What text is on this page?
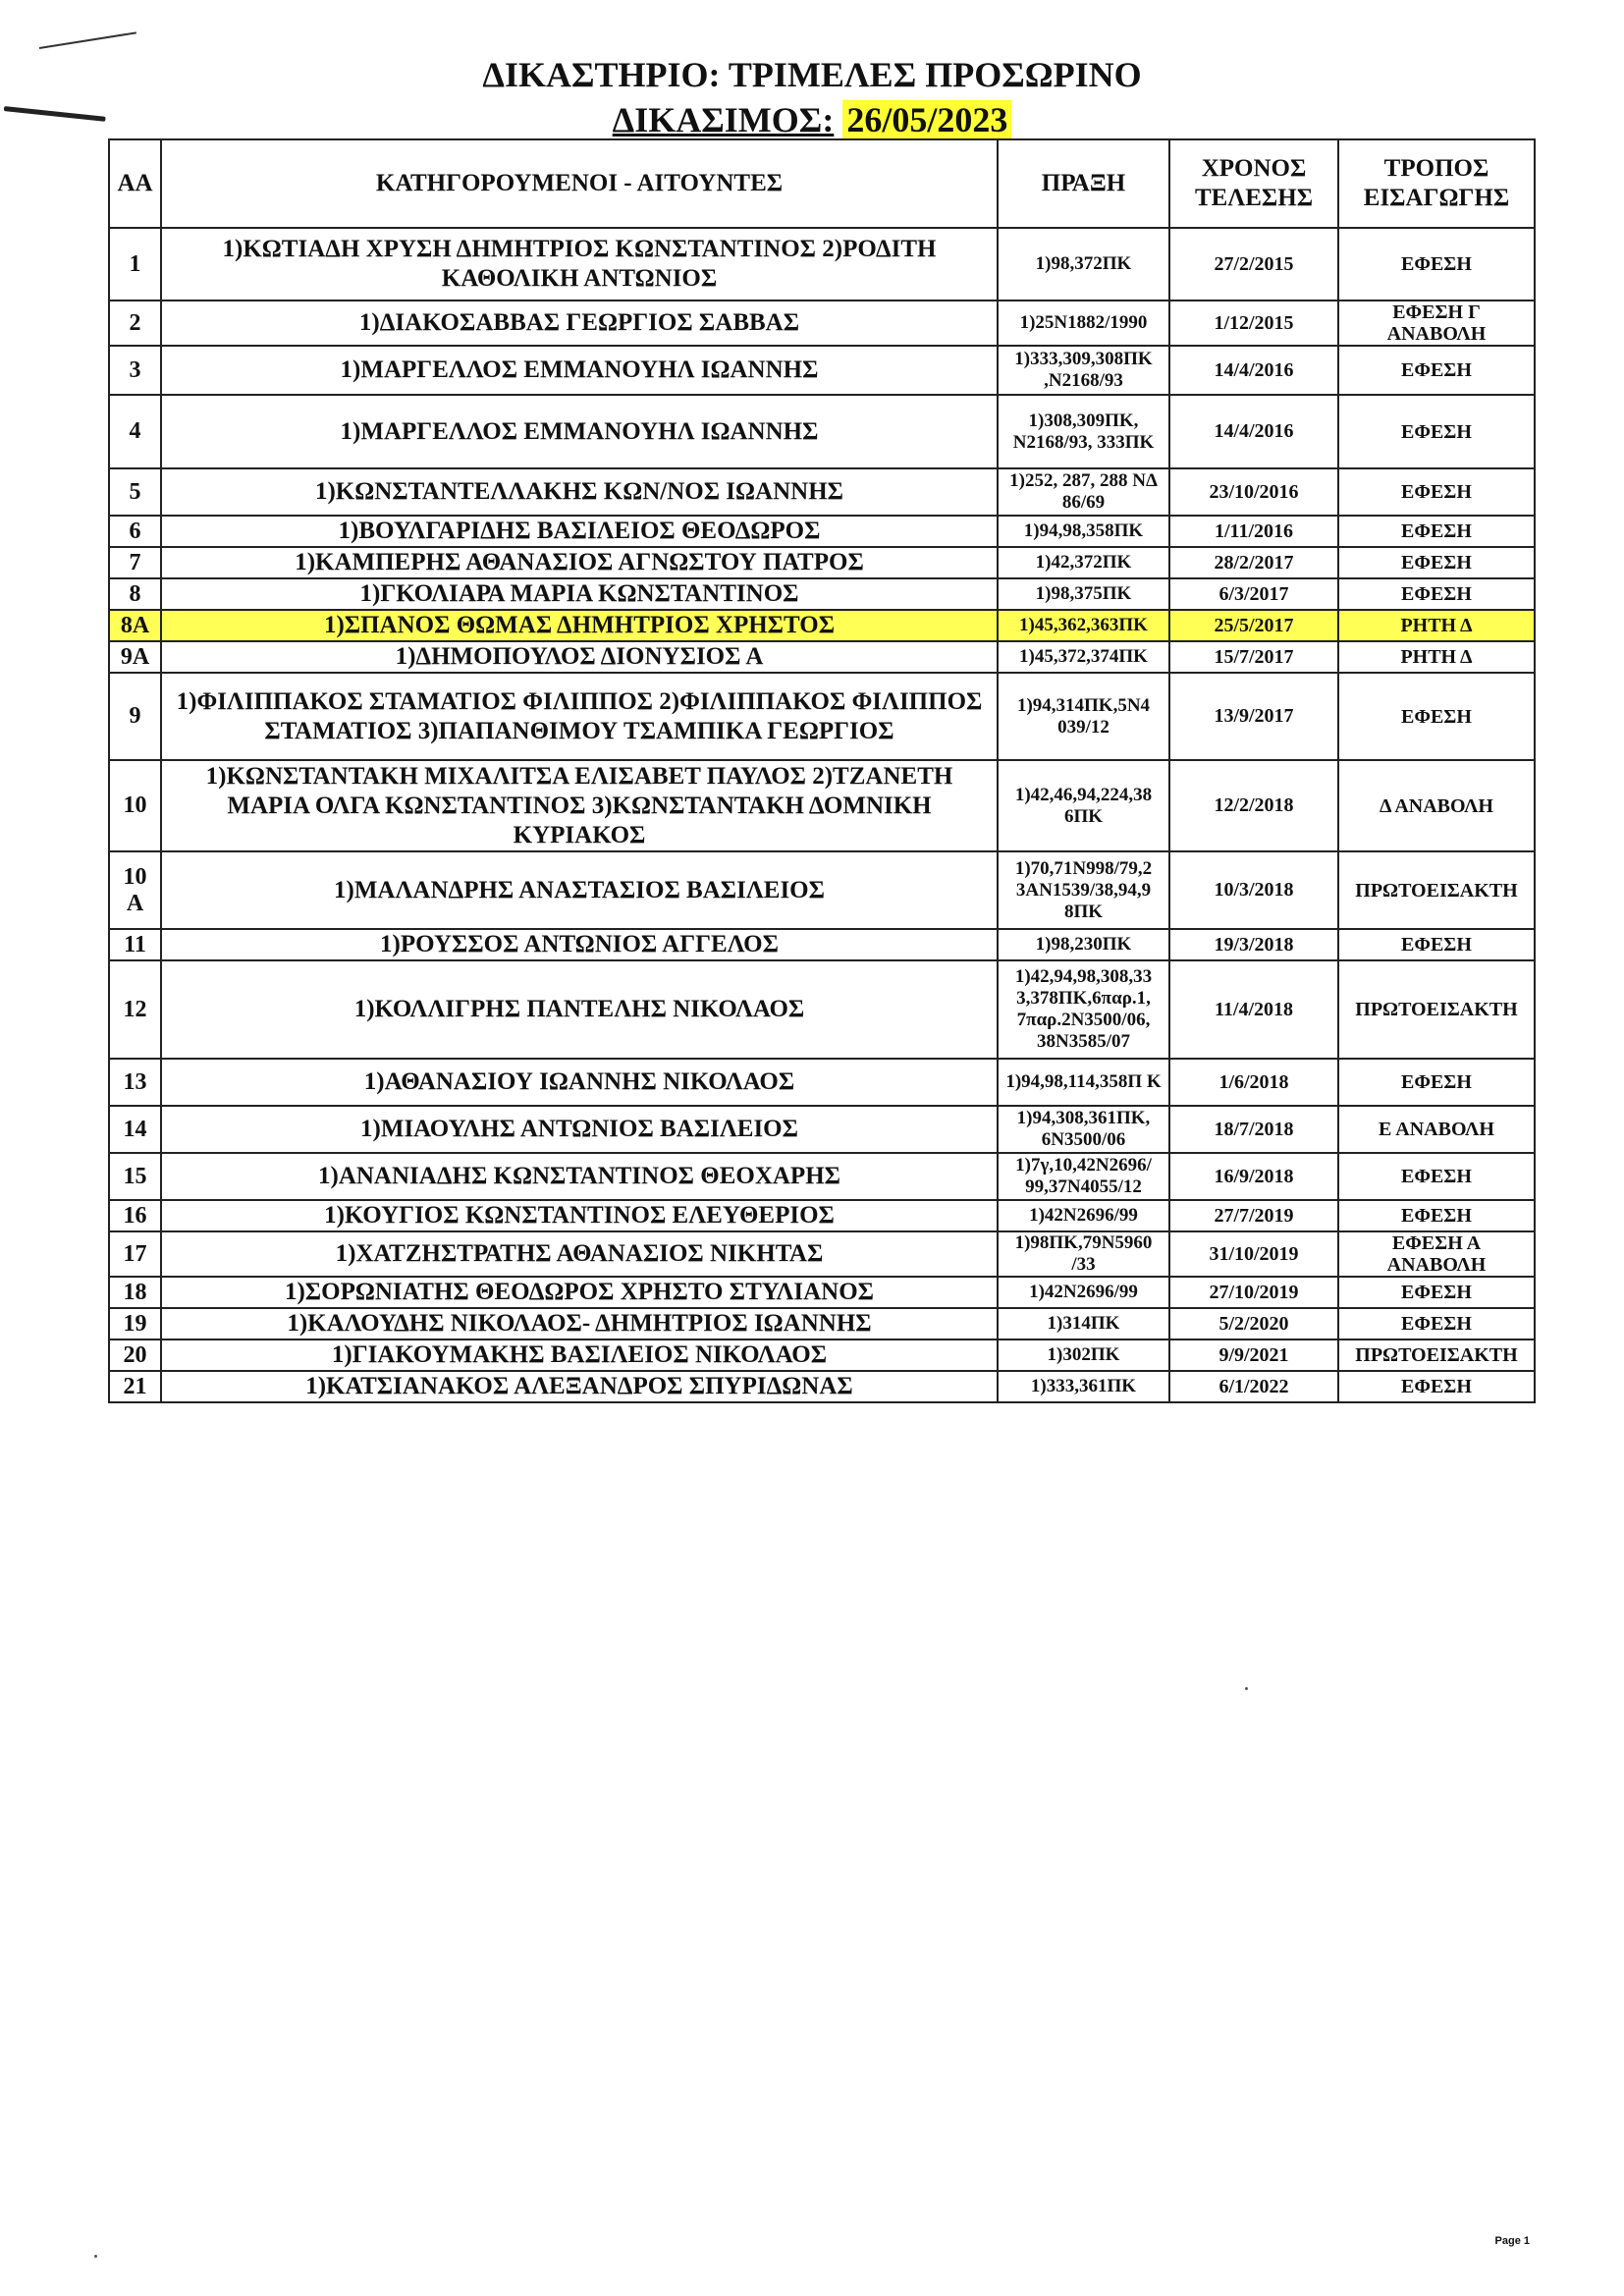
ΔΙΚΑΣΤΗΡΙΟ: ΤΡΙΜΕΛΕΣ ΠΡΟΣΩΡΙΝΟ
ΔΙΚΑΣΙΜΟΣ: 26/05/2023
ΑΑ	ΚΑΤΗΓΟΡΟΥΜΕΝΟΙ - ΑΙΤΟΥΝΤΕΣ	ΠΡΑΞΗ	ΧΡΟΝΟΣ ΤΕΛΕΣΗΣ	ΤΡΟΠΟΣ ΕΙΣΑΓΩΓΗΣ
1	1)ΚΩΤΙΑΔΗ ΧΡΥΣΗ ΔΗΜΗΤΡΙΟΣ ΚΩΝΣΤΑΝΤΙΝΟΣ 2)ΡΟΔΙΤΗ ΚΑΘΟΛΙΚΗ ΑΝΤΩΝΙΟΣ	1)98,372ΠΚ	27/2/2015	ΕΦΕΣΗ
2	1)ΔΙΑΚΟΣΑΒΒΑΣ ΓΕΩΡΓΙΟΣ ΣΑΒΒΑΣ	1)25Ν1882/1990	1/12/2015	ΕΦΕΣΗ Γ ΑΝΑΒΟΛΗ
3	1)ΜΑΡΓΕΛΛΟΣ ΕΜΜΑΝΟΥΗΛ ΙΩΑΝΝΗΣ	1)333,309,308ΠΚ ,Ν2168/93	14/4/2016	ΕΦΕΣΗ
4	1)ΜΑΡΓΕΛΛΟΣ ΕΜΜΑΝΟΥΗΛ ΙΩΑΝΝΗΣ	1)308,309ΠΚ, Ν2168/93, 333ΠΚ	14/4/2016	ΕΦΕΣΗ
5	1)ΚΩΝΣΤΑΝΤΕΛΛΑΚΗΣ ΚΩΝ/ΝΟΣ ΙΩΑΝΝΗΣ	1)252, 287, 288 ΝΔ 86/69	23/10/2016	ΕΦΕΣΗ
6	1)ΒΟΥΛΓΑΡΙΔΗΣ ΒΑΣΙΛΕΙΟΣ ΘΕΟΔΩΡΟΣ	1)94,98,358ΠΚ	1/11/2016	ΕΦΕΣΗ
7	1)ΚΑΜΠΕΡΗΣ ΑΘΑΝΑΣΙΟΣ ΑΓΝΩΣΤΟΥ ΠΑΤΡΟΣ	1)42,372ΠΚ	28/2/2017	ΕΦΕΣΗ
8	1)ΓΚΟΛΙΑΡΑ ΜΑΡΙΑ ΚΩΝΣΤΑΝΤΙΝΟΣ	1)98,375ΠΚ	6/3/2017	ΕΦΕΣΗ
8Α	1)ΣΠΑΝΟΣ ΘΩΜΑΣ ΔΗΜΗΤΡΙΟΣ ΧΡΗΣΤΟΣ	1)45,362,363ΠΚ	25/5/2017	ΡΗΤΗ Δ
9Α	1)ΔΗΜΟΠΟΥΛΟΣ ΔΙΟΝΥΣΙΟΣ Α	1)45,372,374ΠΚ	15/7/2017	ΡΗΤΗ Δ
9	1)ΦΙΛΙΠΠΑΚΟΣ ΣΤΑΜΑΤΙΟΣ ΦΙΛΙΠΠΟΣ 2)ΦΙΛΙΠΠΑΚΟΣ ΦΙΛΙΠΠΟΣ ΣΤΑΜΑΤΙΟΣ 3)ΠΑΠΑΝΘΙΜΟΥ ΤΣΑΜΠΙΚΑ ΓΕΩΡΓΙΟΣ	1)94,314ΠΚ,5Ν4 039/12	13/9/2017	ΕΦΕΣΗ
10	1)ΚΩΝΣΤΑΝΤΑΚΗ ΜΙΧΑΛΙΤΣΑ ΕΛΙΣΑΒΕΤ ΠΑΥΛΟΣ 2)ΤΖΑΝΕΤΗ ΜΑΡΙΑ ΟΛΓΑ ΚΩΝΣΤΑΝΤΙΝΟΣ 3)ΚΩΝΣΤΑΝΤΑΚΗ ΔΟΜΝΙΚΗ ΚΥΡΙΑΚΟΣ	1)42,46,94,224,38 6ΠΚ	12/2/2018	Δ ΑΝΑΒΟΛΗ
10 Α	1)ΜΑΛΑΝΔΡΗΣ ΑΝΑΣΤΑΣΙΟΣ ΒΑΣΙΛΕΙΟΣ	1)70,71Ν998/79,2 3ΑΝ1539/38,94,9 8ΠΚ	10/3/2018	ΠΡΩΤΟΕΙΣΑΚΤΗ
11	1)ΡΟΥΣΣΟΣ ΑΝΤΩΝΙΟΣ ΑΓΓΕΛΟΣ	1)98,230ΠΚ	19/3/2018	ΕΦΕΣΗ
12	1)ΚΟΛΛΙΓΡΗΣ ΠΑΝΤΕΛΗΣ ΝΙΚΟΛΑΟΣ	1)42,94,98,308,33 3,378ΠΚ,6παρ.1, 7παρ.2Ν3500/06, 38Ν3585/07	11/4/2018	ΠΡΩΤΟΕΙΣΑΚΤΗ
13	1)ΑΘΑΝΑΣΙΟΥ ΙΩΑΝΝΗΣ ΝΙΚΟΛΑΟΣ	1)94,98,114,358Π Κ	1/6/2018	ΕΦΕΣΗ
14	1)ΜΙΑΟΥΛΗΣ ΑΝΤΩΝΙΟΣ ΒΑΣΙΛΕΙΟΣ	1)94,308,361ΠΚ, 6Ν3500/06	18/7/2018	Ε ΑΝΑΒΟΛΗ
15	1)ΑΝΑΝΙΑΔΗΣ ΚΩΝΣΤΑΝΤΙΝΟΣ ΘΕΟΧΑΡΗΣ	1)7γ,10,42Ν2696/ 99,37Ν4055/12	16/9/2018	ΕΦΕΣΗ
16	1)ΚΟΥΓΙΟΣ ΚΩΝΣΤΑΝΤΙΝΟΣ ΕΛΕΥΘΕΡΙΟΣ	1)42Ν2696/99	27/7/2019	ΕΦΕΣΗ
17	1)ΧΑΤΖΗΣΤΡΑΤΗΣ ΑΘΑΝΑΣΙΟΣ ΝΙΚΗΤΑΣ	1)98ΠΚ,79Ν5960 /33	31/10/2019	ΕΦΕΣΗ Α ΑΝΑΒΟΛΗ
18	1)ΣΟΡΩΝΙΑΤΗΣ ΘΕΟΔΩΡΟΣ ΧΡΗΣΤΟ ΣΤΥΛΙΑΝΟΣ	1)42Ν2696/99	27/10/2019	ΕΦΕΣΗ
19	1)ΚΑΛΟΥΔΗΣ ΝΙΚΟΛΑΟΣ- ΔΗΜΗΤΡΙΟΣ ΙΩΑΝΝΗΣ	1)314ΠΚ	5/2/2020	ΕΦΕΣΗ
20	1)ΓΙΑΚΟΥΜΑΚΗΣ ΒΑΣΙΛΕΙΟΣ ΝΙΚΟΛΑΟΣ	1)302ΠΚ	9/9/2021	ΠΡΩΤΟΕΙΣΑΚΤΗ
21	1)ΚΑΤΣΙΑΝΑΚΟΣ ΑΛΕΞΑΝΔΡΟΣ ΣΠΥΡΙΔΩΝΑΣ	1)333,361ΠΚ	6/1/2022	ΕΦΕΣΗ
Page 1
